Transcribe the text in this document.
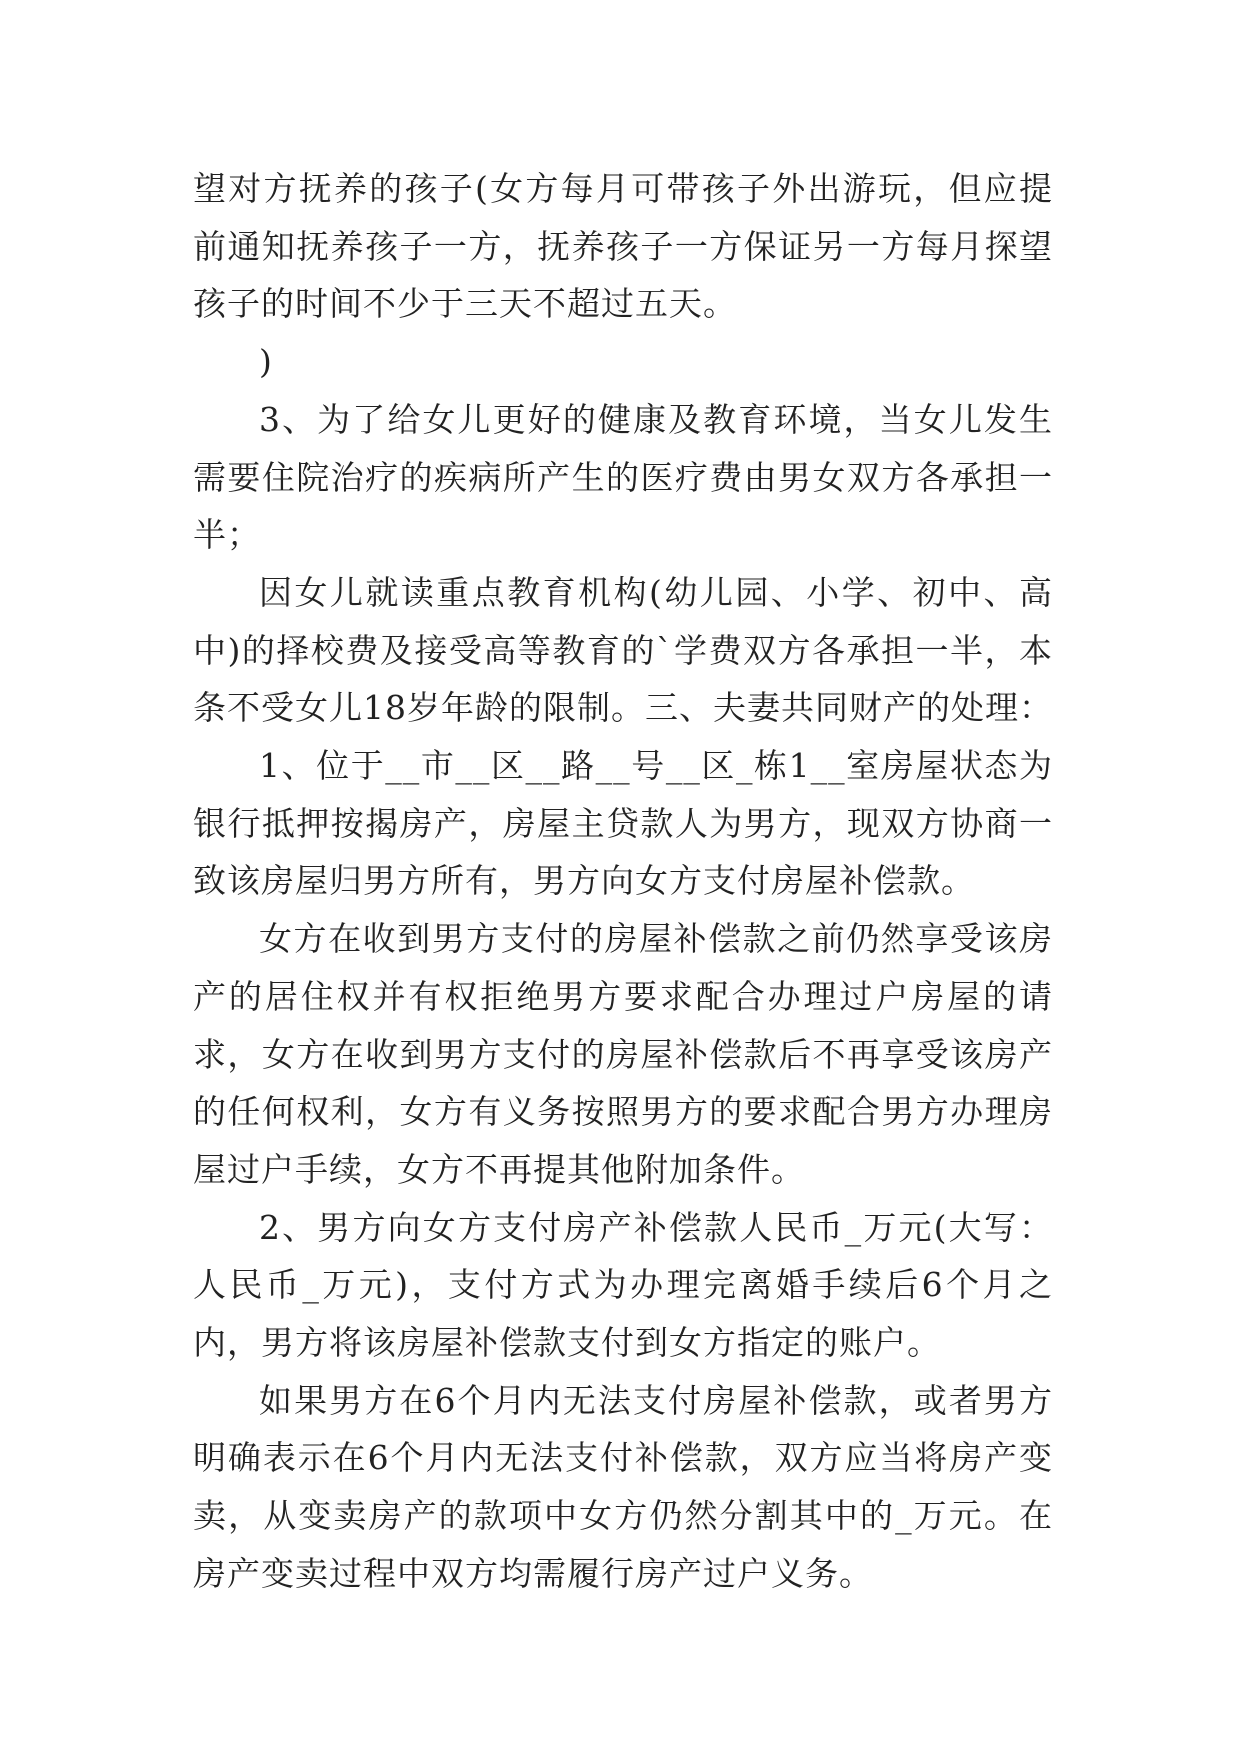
望对方抚养的孩子(女方每月可带孩子外出游玩，但应提前通知抚养孩子一方，抚养孩子一方保证另一方每月探望孩子的时间不少于三天不超过五天。

)

3、为了给女儿更好的健康及教育环境，当女儿发生需要住院治疗的疾病所产生的医疗费由男女双方各承担一半；

因女儿就读重点教育机构(幼儿园、小学、初中、高中)的择校费及接受高等教育的`学费双方各承担一半，本条不受女儿18岁年龄的限制。三、夫妻共同财产的处理：

1、位于__市__区__路__号__区_栋1__室房屋状态为银行抵押按揭房产，房屋主贷款人为男方，现双方协商一致该房屋归男方所有，男方向女方支付房屋补偿款。

女方在收到男方支付的房屋补偿款之前仍然享受该房产的居住权并有权拒绝男方要求配合办理过户房屋的请求，女方在收到男方支付的房屋补偿款后不再享受该房产的任何权利，女方有义务按照男方的要求配合男方办理房屋过户手续，女方不再提其他附加条件。

2、男方向女方支付房产补偿款人民币_万元(大写：人民币_万元)，支付方式为办理完离婚手续后6个月之内，男方将该房屋补偿款支付到女方指定的账户。

如果男方在6个月内无法支付房屋补偿款，或者男方明确表示在6个月内无法支付补偿款，双方应当将房产变卖，从变卖房产的款项中女方仍然分割其中的_万元。在房产变卖过程中双方均需履行房产过户义务。
